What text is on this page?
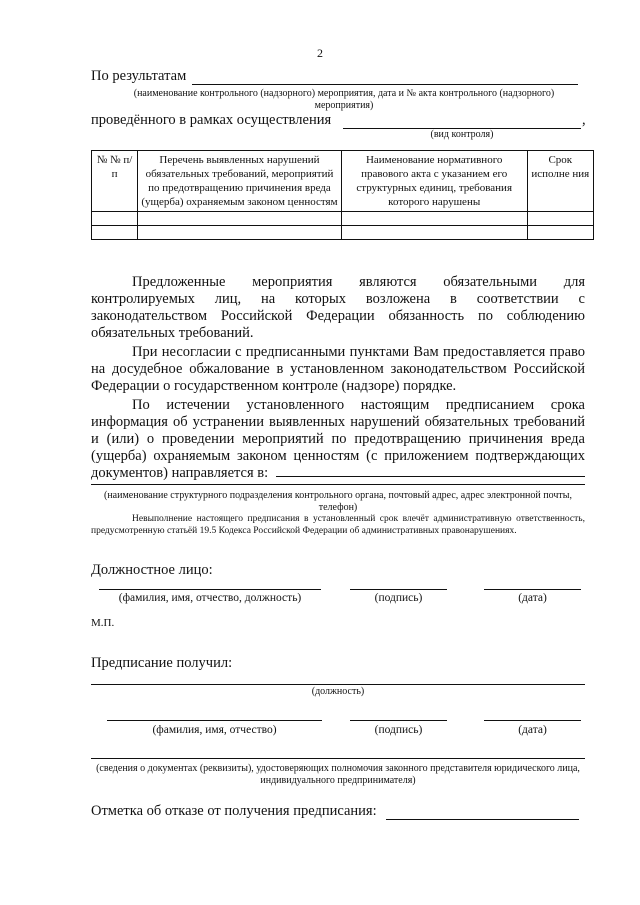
2
По результатам
(наименование контрольного (надзорного) мероприятия, дата и № акта контрольного (надзорного) мероприятия)
проведённого в рамках осуществления	,
(вид контроля)
№ № п/п	Перечень выявленных нарушений обязательных требований, мероприятий по предотвращению причинения вреда (ущерба) охраняемым законом ценностям	Наименование нормативного правового акта с указанием его структурных единиц, требования которого нарушены	Срок исполне ния

Предложенные мероприятия являются обязательными для контролируемых лиц, на которых возложена в соответствии с законодательством Российской Федерации обязанность по соблюдению обязательных требований.
При несогласии с предписанными пунктами Вам предоставляется право на досудебное обжалование в установленном законодательством Российской Федерации о государственном контроле (надзоре) порядке.
По истечении установленного настоящим предписанием срока информация об устранении выявленных нарушений обязательных требований и (или) о проведении мероприятий по предотвращению причинения вреда (ущерба) охраняемым законом ценностям (с приложением подтверждающих документов) направляется в:
(наименование структурного подразделения контрольного органа, почтовый адрес, адрес электронной почты, телефон)
Невыполнение настоящего предписания в установленный срок влечёт административную ответственность, предусмотренную статьёй 19.5 Кодекса Российской Федерации об административных правонарушениях.
Должностное лицо:
(фамилия, имя, отчество, должность)	(подпись)	(дата)
М.П.
Предписание получил:
(должность)
(фамилия, имя, отчество)	(подпись)	(дата)
(сведения о документах (реквизиты), удостоверяющих полномочия законного представителя юридического лица, индивидуального предпринимателя)
Отметка об отказе от получения предписания:
